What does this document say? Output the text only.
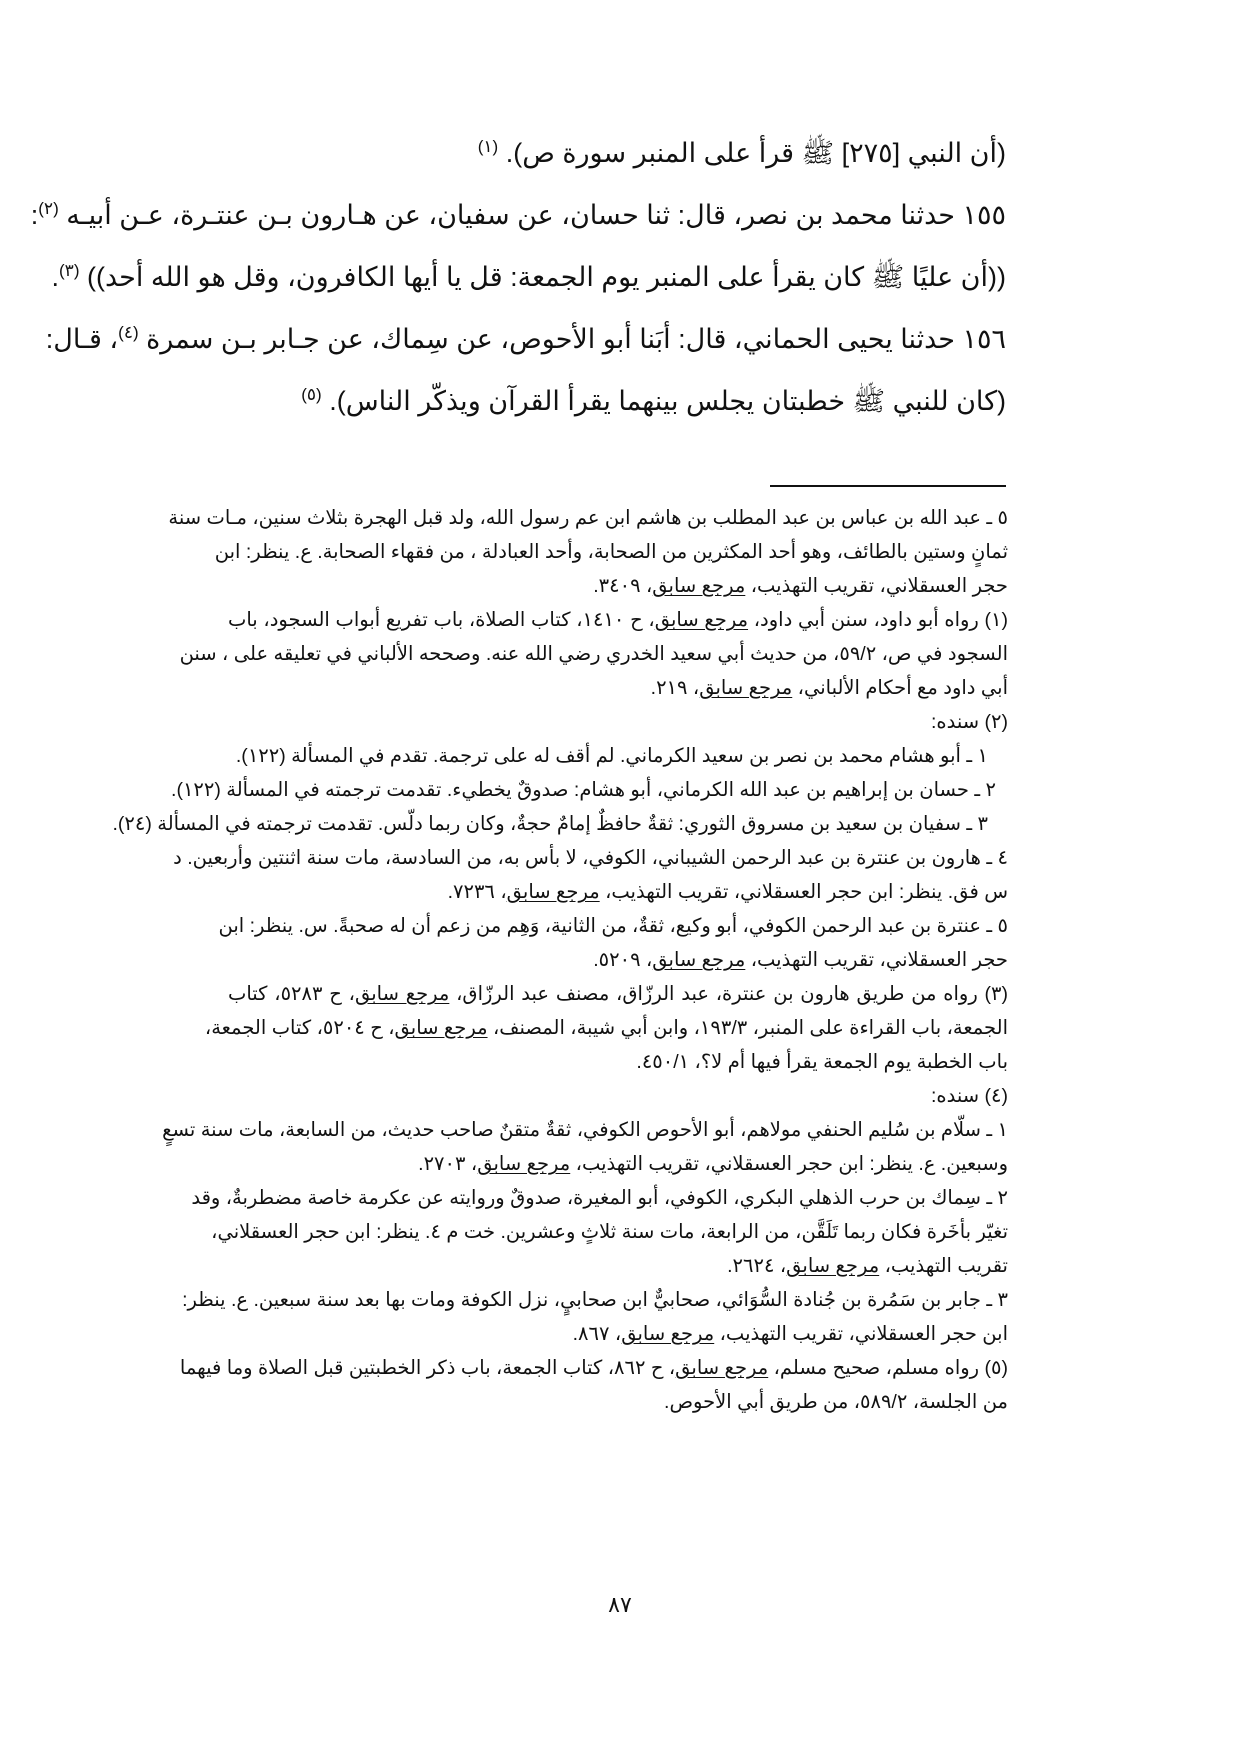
(أن النبي [٢٧٥] ﷺ قرأ على المنبر سورة ص). $^{(١)}$
١٥٥ حدثنا محمد بن نصر، قال: ثنا حسان، عن سفيان، عن هـارون بـن عنتـرة، عـن أبيـه $^{(٢)}$:
((أن عليًا ﷺ كان يقرأ على المنبر يوم الجمعة: قل يا أيها الكافرون، وقل هو الله أحد)) $^{(٣)}$.
١٥٦ حدثنا يحيى الحماني، قال: أبَنا أبو الأحوص، عن سِماك، عن جـابر بـن سمرة $^{(٤)}$، قـال:
(كان للنبي ﷺ خطبتان يجلس بينهما يقرأ القرآن ويذكّر الناس). $^{(٥)}$
٥ ـ عبد الله بن عباس بن عبد المطلب بن هاشم ابن عم رسول الله، ولد قبل الهجرة بثلاث سنين، مـات سنة
ثمانٍ وستين بالطائف، وهو أحد المكثرين من الصحابة، وأحد العبادلة ، من فقهاء الصحابة. ع. ينظر: ابن
حجر العسقلاني، تقريب التهذيب، مرجع سابق، ٣٤٠٩.
(١) رواه أبو داود، سنن أبي داود، مرجع سابق، ح ١٤١٠، كتاب الصلاة، باب تفريع أبواب السجود، باب
السجود في ص، ٥٩/٢، من حديث أبي سعيد الخدري رضي الله عنه. وصححه الألباني في تعليقه على ، سنن
أبي داود مع أحكام الألباني، مرجع سابق، ٢١٩.
(٢) سنده:
١ ـ أبو هشام محمد بن نصر بن سعيد الكرماني. لم أقف له على ترجمة. تقدم في المسألة (١٢٢).
٢ ـ حسان بن إبراهيم بن عبد الله الكرماني، أبو هشام: صدوقٌ يخطيء. تقدمت ترجمته في المسألة (١٢٢).
٣ ـ سفيان بن سعيد بن مسروق الثوري: ثقةٌ حافظٌ إمامٌ حجةٌ، وكان ربما دلّس. تقدمت ترجمته في المسألة (٢٤).
٤ ـ هارون بن عنترة بن عبد الرحمن الشيباني، الكوفي، لا بأس به، من السادسة، مات سنة اثنتين وأربعين. د
س فق. ينظر: ابن حجر العسقلاني، تقريب التهذيب، مرجع سابق، ٧٢٣٦.
٥ ـ عنترة بن عبد الرحمن الكوفي، أبو وكيع، ثقةٌ، من الثانية، وَهِم من زعم أن له صحبةً. س. ينظر: ابن
حجر العسقلاني، تقريب التهذيب، مرجع سابق، ٥٢٠٩.
(٣) رواه من طريق هارون بن عنترة، عبد الرزّاق، مصنف عبد الرزّاق، مرجع سابق، ح ٥٢٨٣، كتاب
الجمعة، باب القراءة على المنبر، ١٩٣/٣، وابن أبي شيبة، المصنف، مرجع سابق، ح ٥٢٠٤، كتاب الجمعة،
باب الخطبة يوم الجمعة يقرأ فيها أم لا؟، ٤٥٠/١.
(٤) سنده:
١ ـ سلّام بن سُليم الحنفي مولاهم، أبو الأحوص الكوفي، ثقةٌ متقنٌ صاحب حديث، من السابعة، مات سنة تسعٍ
وسبعين. ع. ينظر: ابن حجر العسقلاني، تقريب التهذيب، مرجع سابق، ٢٧٠٣.
٢ ـ سِماك بن حرب الذهلي البكري، الكوفي، أبو المغيرة، صدوقٌ وروايته عن عكرمة خاصة مضطربةٌ، وقد
تغيّر بأخَرة فكان ربما تَلَقَّن، من الرابعة، مات سنة ثلاثٍ وعشرين. خت م ٤. ينظر: ابن حجر العسقلاني،
تقريب التهذيب، مرجع سابق، ٢٦٢٤.
٣ ـ جابر بن سَمُرة بن جُنادة السُّوَائي، صحابيٌّ ابن صحابيٍ، نزل الكوفة ومات بها بعد سنة سبعين. ع. ينظر:
ابن حجر العسقلاني، تقريب التهذيب، مرجع سابق، ٨٦٧.
(٥) رواه مسلم، صحيح مسلم، مرجع سابق، ح ٨٦٢، كتاب الجمعة، باب ذكر الخطبتين قبل الصلاة وما فيهما
من الجلسة، ٥٨٩/٢، من طريق أبي الأحوص.
٨٧
